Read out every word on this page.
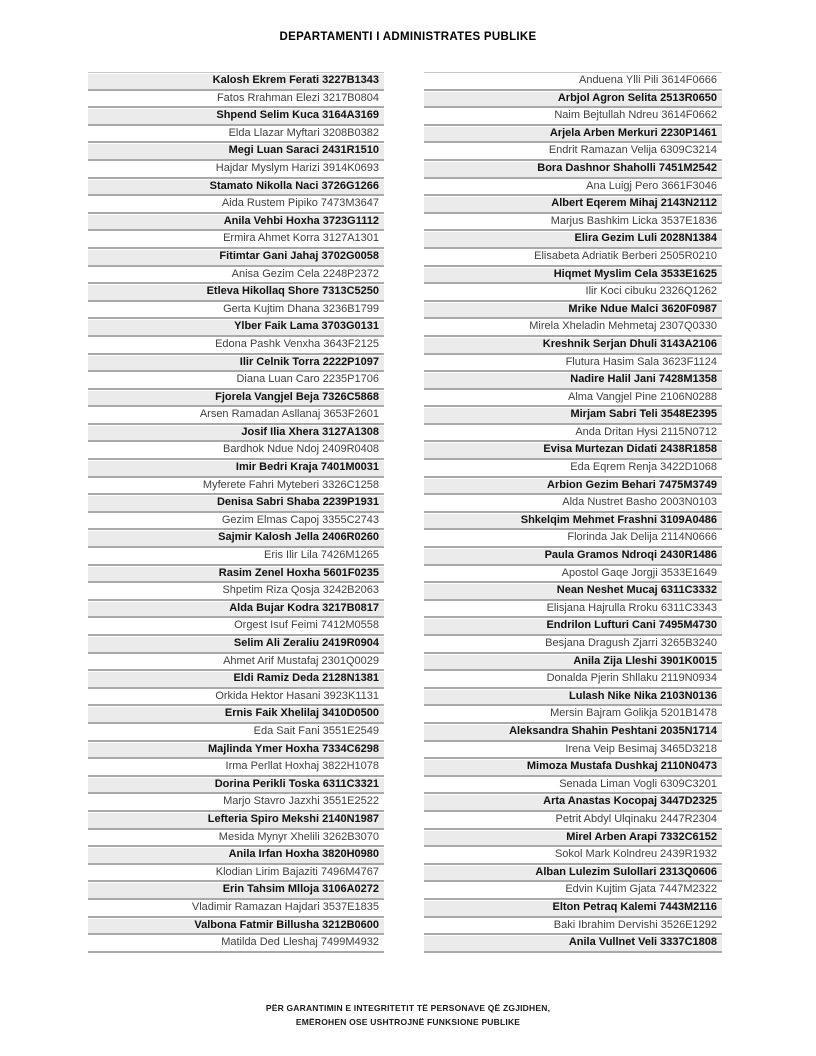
DEPARTAMENTI I ADMINISTRATES PUBLIKE
Kalosh Ekrem Ferati 3227B1343
Fatos Rrahman Elezi 3217B0804
Shpend Selim Kuca 3164A3169
Elda Llazar Myftari 3208B0382
Megi Luan Saraci 2431R1510
Hajdar Myslym Harizi 3914K0693
Stamato Nikolla Naci 3726G1266
Aida Rustem Pipiko 7473M3647
Anila Vehbi Hoxha 3723G1112
Ermira Ahmet Korra 3127A1301
Fitimtar Gani Jahaj 3702G0058
Anisa Gezim Cela 2248P2372
Etleva Hikollaq Shore 7313C5250
Gerta Kujtim Dhana 3236B1799
Ylber Faik Lama 3703G0131
Edona Pashk Venxha 3643F2125
Ilir Celnik Torra 2222P1097
Diana Luan Caro 2235P1706
Fjorela Vangjel Beja 7326C5868
Arsen Ramadan Asllanaj 3653F2601
Josif Ilia Xhera 3127A1308
Bardhok Ndue Ndoj 2409R0408
Imir Bedri Kraja 7401M0031
Myferete Fahri Myteberi 3326C1258
Denisa Sabri Shaba 2239P1931
Gezim Elmas Capoj 3355C2743
Sajmir Kalosh Jella 2406R0260
Eris Ilir Lila 7426M1265
Rasim Zenel Hoxha 5601F0235
Shpetim Riza Qosja 3242B2063
Alda Bujar Kodra 3217B0817
Orgest Isuf Feimi 7412M0558
Selim Ali Zeraliu 2419R0904
Ahmet Arif Mustafaj 2301Q0029
Eldi Ramiz Deda 2128N1381
Orkida Hektor Hasani 3923K1131
Ernis Faik Xhelilaj 3410D0500
Eda Sait Fani 3551E2549
Majlinda Ymer Hoxha 7334C6298
Irma Perllat Hoxhaj 3822H1078
Dorina Perikli Toska 6311C3321
Marjo Stavro Jazxhi 3551E2522
Lefteria Spiro Mekshi 2140N1987
Mesida Mynyr Xhelili 3262B3070
Anila Irfan Hoxha 3820H0980
Klodian Lirim Bajaziti 7496M4767
Erin Tahsim Mlloja 3106A0272
Vladimir Ramazan Hajdari 3537E1835
Valbona Fatmir Billusha 3212B0600
Matilda Ded Lleshaj 7499M4932
Anduena Ylli Pili 3614F0666
Arbjol Agron Selita 2513R0650
Naim Bejtullah Ndreu 3614F0662
Arjela Arben Merkuri 2230P1461
Endrit Ramazan Velija 6309C3214
Bora Dashnor Shaholli 7451M2542
Ana Luigj Pero 3661F3046
Albert Eqerem Mihaj 2143N2112
Marjus Bashkim Licka 3537E1836
Elira Gezim Luli 2028N1384
Elisabeta Adriatik Berberi 2505R0210
Hiqmet Myslim Cela 3533E1625
Ilir Koci cibuku 2326Q1262
Mrike Ndue Malci 3620F0987
Mirela Xheladin Mehmetaj 2307Q0330
Kreshnik Serjan Dhuli 3143A2106
Flutura Hasim Sala 3623F1124
Nadire Halil Jani 7428M1358
Alma Vangjel Pine 2106N0288
Mirjam Sabri Teli 3548E2395
Anda Dritan Hysi 2115N0712
Evisa Murtezan Didati 2438R1858
Eda Eqrem Renja 3422D1068
Arbion Gezim Behari 7475M3749
Alda Nustret Basho 2003N0103
Shkelqim Mehmet Frashni 3109A0486
Florinda Jak Delija 2114N0666
Paula Gramos Ndroqi 2430R1486
Apostol Gaqe Jorgji 3533E1649
Nean Neshet Mucaj 6311C3332
Elisjana Hajrulla Rroku 6311C3343
Endrilon Lufturi Cani 7495M4730
Besjana Dragush Zjarri 3265B3240
Anila Zija Lleshi 3901K0015
Donalda Pjerin Shllaku 2119N0934
Lulash Nike Nika 2103N0136
Mersin Bajram Golikja 5201B1478
Aleksandra Shahin Peshtani 2035N1714
Irena Veip Besimaj 3465D3218
Mimoza Mustafa Dushkaj 2110N0473
Senada Liman Vogli 6309C3201
Arta Anastas Kocopaj 3447D2325
Petrit Abdyl Ulqinaku 2447R2304
Mirel Arben Arapi 7332C6152
Sokol Mark Kolndreu 2439R1932
Alban Lulezim Sulollari 2313Q0606
Edvin Kujtim Gjata 7447M2322
Elton Petraq Kalemi 7443M2116
Baki Ibrahim Dervishi 3526E1292
Anila Vullnet Veli 3337C1808
PËR GARANTIMIN E INTEGRITETIT TË PERSONAVE QË ZGJIDHEN,
EMËROHEN OSE USHTROJNË FUNKSIONE PUBLIKE
